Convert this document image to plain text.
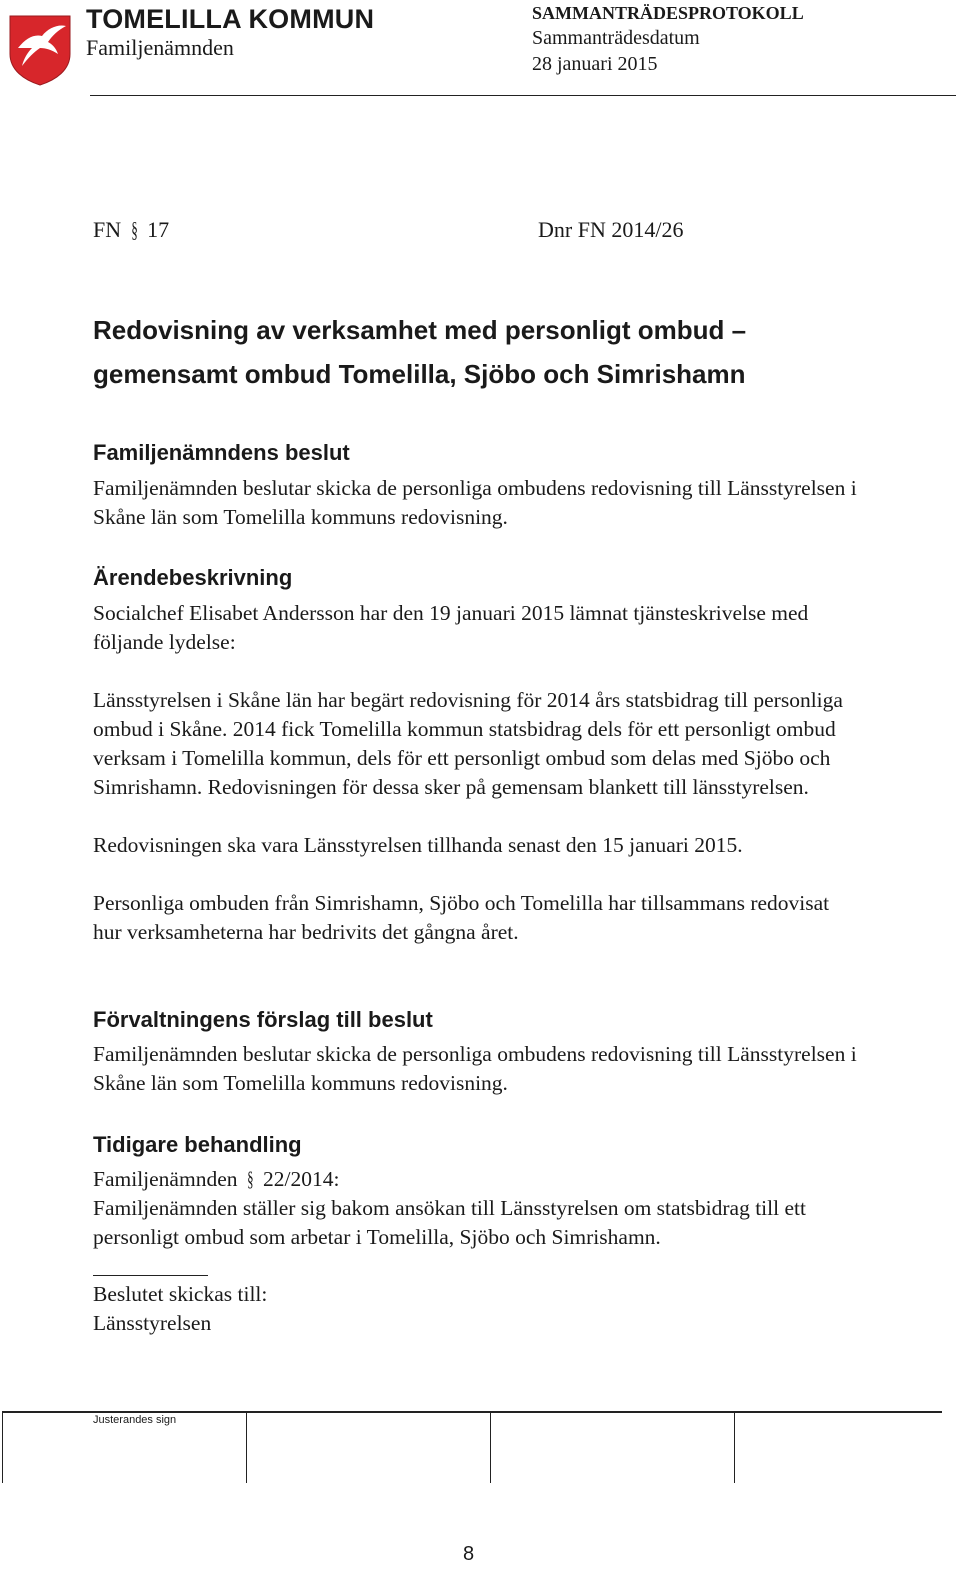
TOMELILLA KOMMUN
Familjenämnden
SAMMANTRÄDESPROTOKOLL
Sammanträdesdatum
28 januari 2015
FN § 17	Dnr FN 2014/26
Redovisning av verksamhet med personligt ombud –
gemensamt ombud Tomelilla, Sjöbo och Simrishamn
Familjenämndens beslut

Familjenämnden beslutar skicka de personliga ombudens redovisning till Länsstyrelsen i Skåne län som Tomelilla kommuns redovisning.

Ärendebeskrivning

Socialchef Elisabet Andersson har den 19 januari 2015 lämnat tjänsteskrivelse med följande lydelse:

Länsstyrelsen i Skåne län har begärt redovisning för 2014 års statsbidrag till personliga ombud i Skåne. 2014 fick Tomelilla kommun statsbidrag dels för ett personligt ombud verksam i Tomelilla kommun, dels för ett personligt ombud som delas med Sjöbo och Simrishamn. Redovisningen för dessa sker på gemensam blankett till länsstyrelsen.

Redovisningen ska vara Länsstyrelsen tillhanda senast den 15 januari 2015.

Personliga ombuden från Simrishamn, Sjöbo och Tomelilla har tillsammans redovisat hur verksamheterna har bedrivits det gångna året.

Förvaltningens förslag till beslut

Familjenämnden beslutar skicka de personliga ombudens redovisning till Länsstyrelsen i Skåne län som Tomelilla kommuns redovisning.

Tidigare behandling

Familjenämnden § 22/2014:

Familjenämnden ställer sig bakom ansökan till Länsstyrelsen om statsbidrag till ett personligt ombud som arbetar i Tomelilla, Sjöbo och Simrishamn.

Beslutet skickas till:

Länsstyrelsen

Justerandes sign
8
